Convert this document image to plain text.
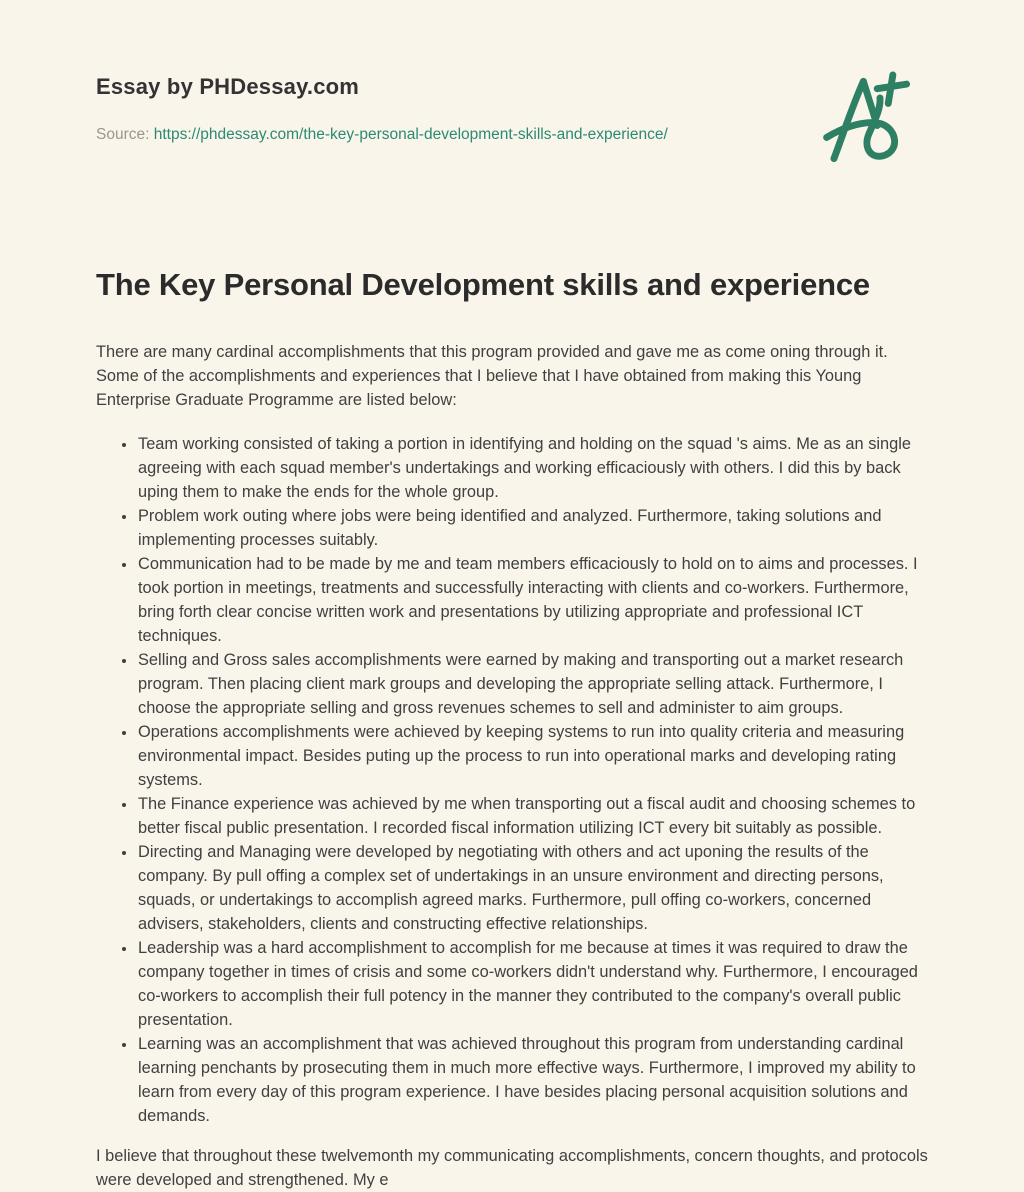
Essay by PHDessay.com
Source: https://phdessay.com/the-key-personal-development-skills-and-experience/
The Key Personal Development skills and experience

There are many cardinal accomplishments that this program provided and gave me as come oning through it. Some of the accomplishments and experiences that I believe that I have obtained from making this Young Enterprise Graduate Programme are listed below:

• Team working consisted of taking a portion in identifying and holding on the squad 's aims. Me as an single agreeing with each squad member's undertakings and working efficaciously with others. I did this by back uping them to make the ends for the whole group.
• Problem work outing where jobs were being identified and analyzed. Furthermore, taking solutions and implementing processes suitably.
• Communication had to be made by me and team members efficaciously to hold on to aims and processes. I took portion in meetings, treatments and successfully interacting with clients and co-workers. Furthermore, bring forth clear concise written work and presentations by utilizing appropriate and professional ICT techniques.
• Selling and Gross sales accomplishments were earned by making and transporting out a market research program. Then placing client mark groups and developing the appropriate selling attack. Furthermore, I choose the appropriate selling and gross revenues schemes to sell and administer to aim groups.
• Operations accomplishments were achieved by keeping systems to run into quality criteria and measuring environmental impact. Besides puting up the process to run into operational marks and developing rating systems.
• The Finance experience was achieved by me when transporting out a fiscal audit and choosing schemes to better fiscal public presentation. I recorded fiscal information utilizing ICT every bit suitably as possible.
• Directing and Managing were developed by negotiating with others and act uponing the results of the company. By pull offing a complex set of undertakings in an unsure environment and directing persons, squads, or undertakings to accomplish agreed marks. Furthermore, pull offing co-workers, concerned advisers, stakeholders, clients and constructing effective relationships.
• Leadership was a hard accomplishment to accomplish for me because at times it was required to draw the company together in times of crisis and some co-workers didn't understand why. Furthermore, I encouraged co-workers to accomplish their full potency in the manner they contributed to the company's overall public presentation.
• Learning was an accomplishment that was achieved throughout this program from understanding cardinal learning penchants by prosecuting them in much more effective ways. Furthermore, I improved my ability to learn from every day of this program experience. I have besides placing personal acquisition solutions and demands.

I believe that throughout these twelvemonth my communicating accomplishments, concern thoughts, and protocols were developed and strengthened. My e
